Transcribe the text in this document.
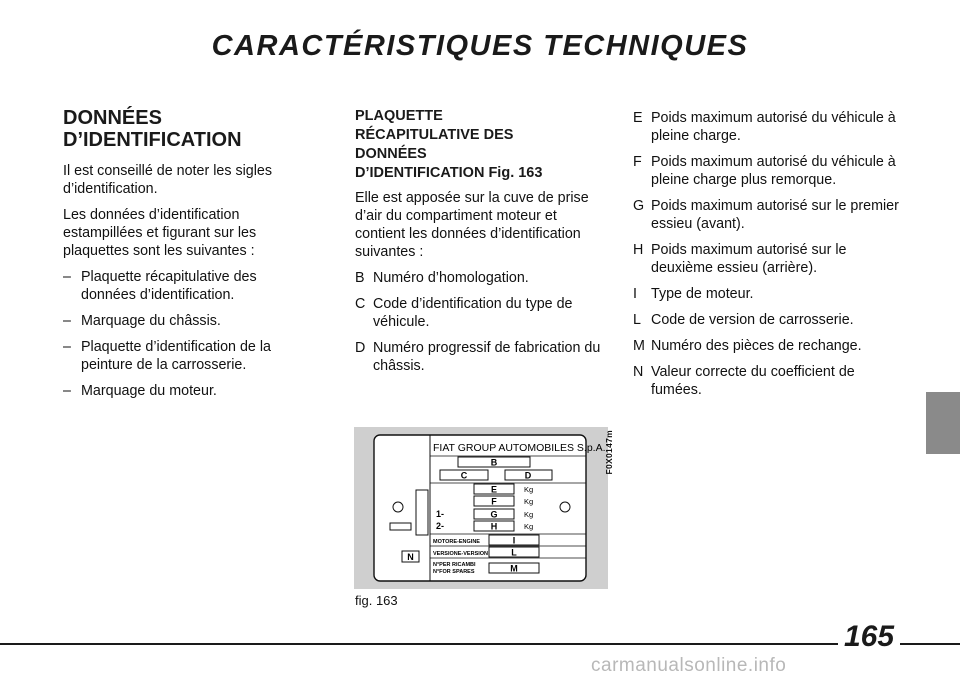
CARACTÉRISTIQUES TECHNIQUES
DONNÉES
D’IDENTIFICATION

Il est conseillé de noter les sigles d’identification.

Les données d’identification estampillées et figurant sur les plaquettes sont les suivantes :

– Plaquette récapitulative des données d’identification.
– Marquage du châssis.
– Plaquette d’identification de la peinture de la carrosserie.
– Marquage du moteur.
PLAQUETTE
RÉCAPITULATIVE DES
DONNÉES
D’IDENTIFICATION Fig. 163

Elle est apposée sur la cuve de prise d’air du compartiment moteur et contient les données d’identification suivantes :

B Numéro d’homologation.
C Code d’identification du type de véhicule.
D Numéro progressif de fabrication du châssis.
E Poids maximum autorisé du véhicule à pleine charge.
F Poids maximum autorisé du véhicule à pleine charge plus remorque.
G Poids maximum autorisé sur le premier essieu (avant).
H Poids maximum autorisé sur le deuxième essieu (arrière).
I Type de moteur.
L Code de version de carrosserie.
M Numéro des pièces de rechange.
N Valeur correcte du coefficient de fumées.
N
FIAT GROUP AUTOMOBILES S.p.A.
B
C	D
E	Kg
F	Kg
1-	G	Kg
2-	H	Kg
MOTORE-ENGINE	I
VERSIONE-VERSION	L
N°PER RICAMBI
N°FOR SPARES	M
F0X0147m
fig. 163
165
carmanualsonline.info
